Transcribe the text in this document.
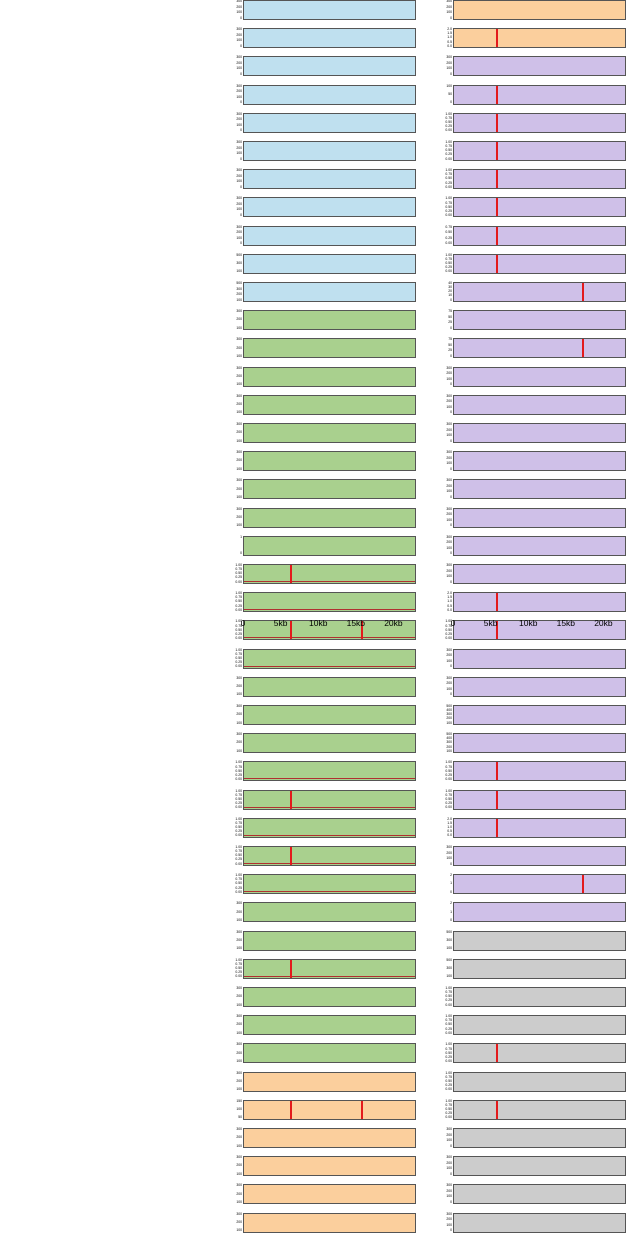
300
200
100
0
300
200
100
0
300
200
100
0
2.0
1.5
1.0
0.5
0.0
300
200
100
0
300
200
100
0
300
200
100
0
100
50
0
300
200
100
0
1.00
0.75
0.50
0.25
0.00
300
200
100
0
1.00
0.75
0.50
0.25
0.00
300
200
100
0
1.00
0.75
0.50
0.25
0.00
300
200
100
0
1.00
0.75
0.50
0.25
0.00
300
200
100
0
0.75
0.50
0.25
0.00
500
300
100
1.00
0.75
0.50
0.25
0.00
500
300
200
100
40
30
20
10
0
300
200
100
75
50
25
0
300
200
100
75
50
25
0
300
200
100
300
200
100
0
300
200
100
300
200
100
0
300
200
100
300
200
100
0
300
200
100
300
200
100
0
300
200
100
300
200
100
0
300
200
100
300
200
100
0
1
0
300
200
100
0
1.00
0.75
0.50
0.25
0.00
300
200
100
0
1.00
0.75
0.50
0.25
0.00
2.0
1.5
1.0
0.5
0.0
1.00
0.75
0.50
0.25
0.00
1.00
0.75
0.50
0.25
0.00
1.00
0.75
0.50
0.25
0.00
300
200
100
0
300
200
100
300
200
100
0
300
200
100
500
400
300
200
100
300
200
100
500
400
300
200
100
1.00
0.75
0.50
0.25
0.00
1.00
0.75
0.50
0.25
0.00
1.00
0.75
0.50
0.25
0.00
1.00
0.75
0.50
0.25
0.00
1.00
0.75
0.50
0.25
0.00
2.0
1.5
1.0
0.5
0.0
1.00
0.75
0.50
0.25
0.00
300
200
100
0
1.00
0.75
0.50
0.25
0.00
2
1
0
300
200
100
2
1
0
300
200
100
500
300
100
1.00
0.75
0.50
0.25
0.00
500
300
100
300
200
100
1.00
0.75
0.50
0.25
0.00
300
200
100
1.00
0.75
0.50
0.25
0.00
300
200
100
1.00
0.75
0.50
0.25
0.00
300
200
100
1.00
0.75
0.50
0.25
0.00
150
100
50
1.00
0.75
0.50
0.25
0.00
300
200
100
300
200
100
0
300
200
100
300
200
100
0
300
200
100
300
200
100
0
300
200
100
300
200
100
0
0	5kb	10kb 15kb 20kb	0	5kb	10kb 15kb 20kb
